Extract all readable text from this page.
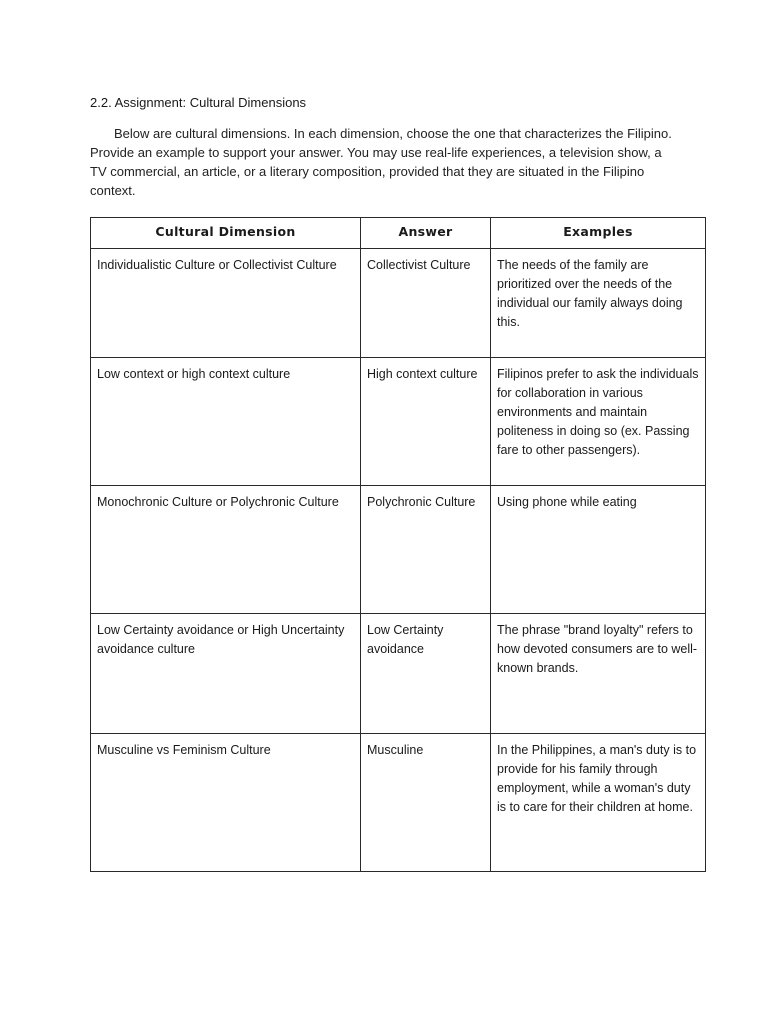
2.2. Assignment: Cultural Dimensions
Below are cultural dimensions. In each dimension, choose the one that characterizes the Filipino. Provide an example to support your answer. You may use real-life experiences, a television show, a TV commercial, an article, or a literary composition, provided that they are situated in the Filipino context.
Cultural Dimension	Answer	Examples
Individualistic Culture or Collectivist Culture	Collectivist Culture	The needs of the family are prioritized over the needs of the individual our family always doing this.
Low context or high context culture	High context culture	Filipinos prefer to ask the individuals for collaboration in various environments and maintain politeness in doing so (ex. Passing fare to other passengers).
Monochronic Culture or Polychronic Culture	Polychronic Culture	Using phone while eating
Low Certainty avoidance or High Uncertainty avoidance culture	Low Certainty avoidance	The phrase "brand loyalty" refers to how devoted consumers are to well-known brands.
Musculine vs Feminism Culture	Musculine	In the Philippines, a man's duty is to provide for his family through employment, while a woman's duty is to care for their children at home.
